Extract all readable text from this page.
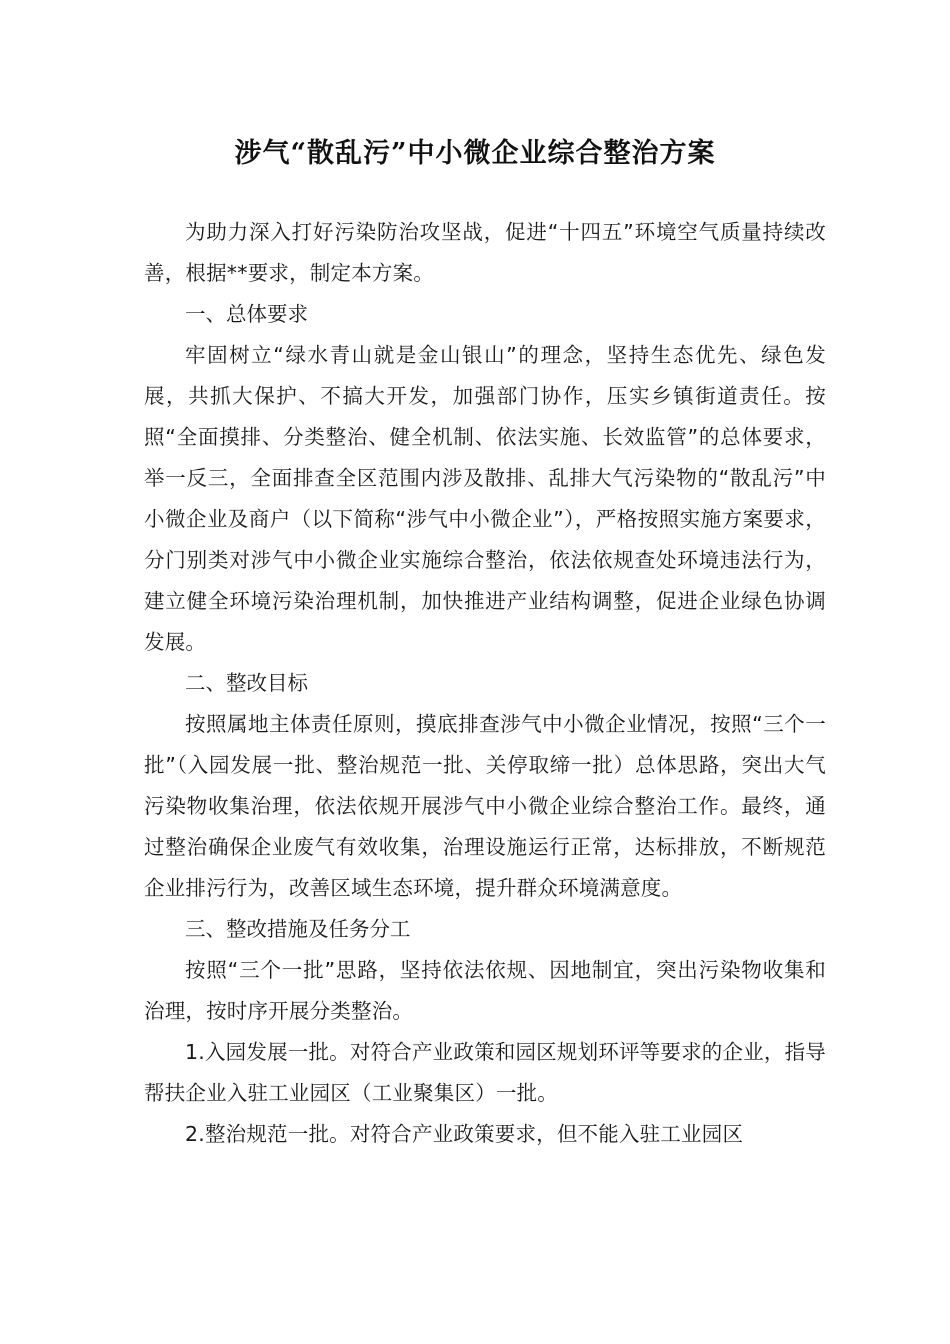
涉气“散乱污”中小微企业综合整治方案

为助力深入打好污染防治攻坚战，促进“十四五”环境空气质量持续改善，根据**要求，制定本方案。

一、总体要求

牢固树立“绿水青山就是金山银山”的理念，坚持生态优先、绿色发展，共抓大保护、不搞大开发，加强部门协作，压实乡镇街道责任。按照“全面摸排、分类整治、健全机制、依法实施、长效监管”的总体要求，举一反三，全面排查全区范围内涉及散排、乱排大气污染物的“散乱污”中小微企业及商户（以下简称“涉气中小微企业”），严格按照实施方案要求，分门别类对涉气中小微企业实施综合整治，依法依规查处环境违法行为，建立健全环境污染治理机制，加快推进产业结构调整，促进企业绿色协调发展。

二、整改目标

按照属地主体责任原则，摸底排查涉气中小微企业情况，按照“三个一批”（入园发展一批、整治规范一批、关停取缔一批）总体思路，突出大气污染物收集治理，依法依规开展涉气中小微企业综合整治工作。最终，通过整治确保企业废气有效收集，治理设施运行正常，达标排放，不断规范企业排污行为，改善区域生态环境，提升群众环境满意度。

三、整改措施及任务分工

按照“三个一批”思路，坚持依法依规、因地制宜，突出污染物收集和治理，按时序开展分类整治。

1.入园发展一批。对符合产业政策和园区规划环评等要求的企业，指导帮扶企业入驻工业园区（工业聚集区）一批。

2.整治规范一批。对符合产业政策要求，但不能入驻工业园区
